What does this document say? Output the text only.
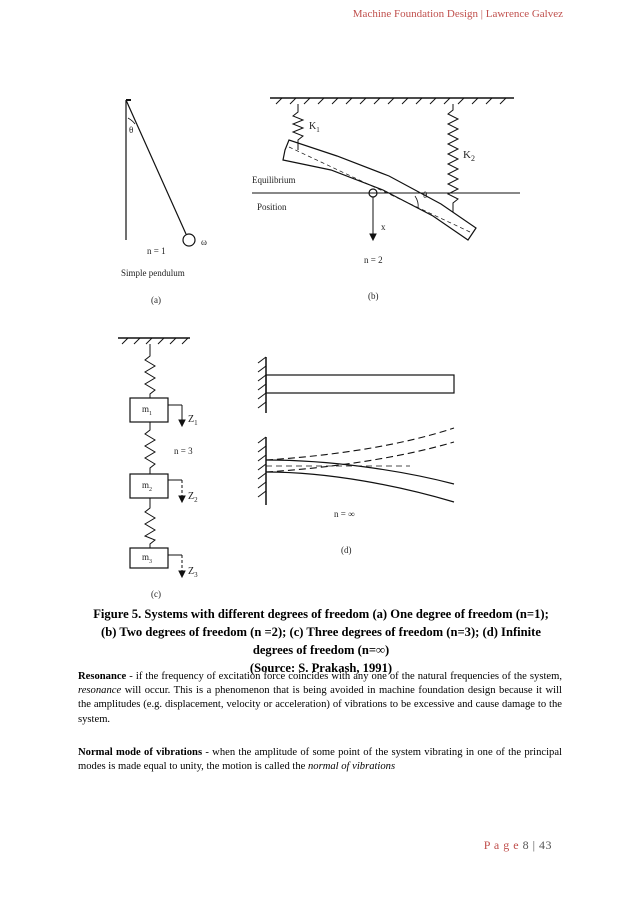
Machine Foundation Design | Lawrence Galvez
θ
ω
n = 1
Simple pendulum
(a)
$K_1$
$K_2$
Equilibrium
Position
θ
x
n = 2
(b)
$m_1$
$m_2$
$m_3$
$Z_1$
$Z_2$
$Z_3$
n = 3
(c)
n = ∞
(d)
Figure 5. Systems with different degrees of freedom (a) One degree of freedom (n=1);
(b) Two degrees of freedom (n =2); (c) Three degrees of freedom (n=3); (d) Infinite
degrees of freedom (n=∞)
(Source: S. Prakash, 1991)

Resonance - if the frequency of excitation force coincides with any one of the natural frequencies of the system, resonance will occur. This is a phenomenon that is being avoided in machine foundation design because it will the amplitudes (e.g. displacement, velocity or acceleration) of vibrations to be excessive and cause damage to the system.

Normal mode of vibrations - when the amplitude of some point of the system vibrating in one of the principal modes is made equal to unity, the motion is called the normal of vibrations

P a g e 8 | 43
